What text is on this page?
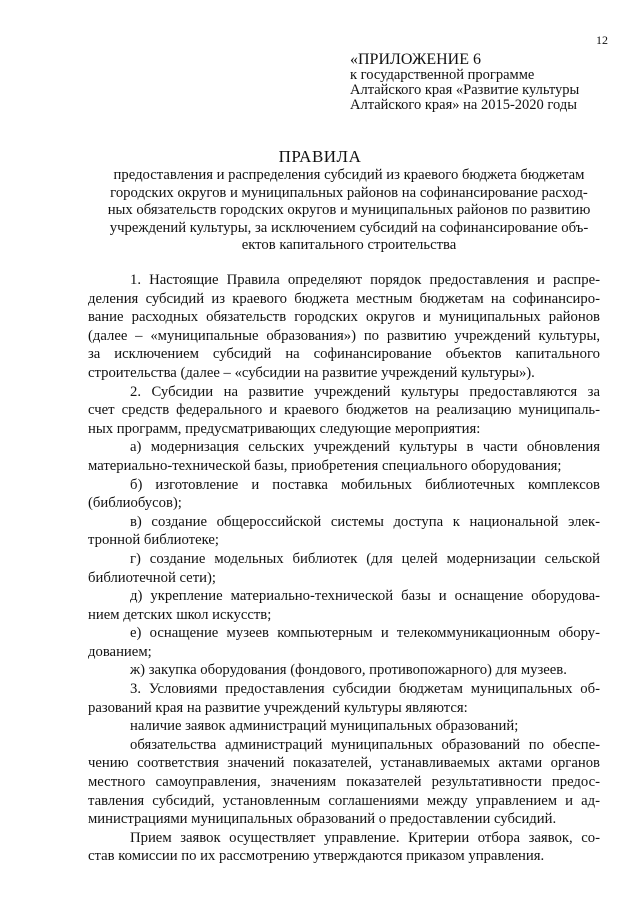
12
«ПРИЛОЖЕНИЕ 6
к государственной программе
Алтайского края «Развитие культуры
Алтайского края» на 2015-2020 годы
ПРАВИЛА
предоставления и распределения субсидий из краевого бюджета бюджетам
городских округов и муниципальных районов на софинансирование расход-
ных обязательств городских округов и муниципальных районов по развитию
учреждений культуры, за исключением субсидий на софинансирование объ-
ектов капитального строительства
1. Настоящие Правила определяют порядок предоставления и распре-
деления субсидий из краевого бюджета местным бюджетам на софинансиро-
вание расходных обязательств городских округов и муниципальных районов
(далее – «муниципальные образования») по развитию учреждений культуры,
за исключением субсидий на софинансирование объектов капитального
строительства (далее – «субсидии на развитие учреждений культуры»).
2. Субсидии на развитие учреждений культуры предоставляются за
счет средств федерального и краевого бюджетов на реализацию муниципаль-
ных программ, предусматривающих следующие мероприятия:
а) модернизация сельских учреждений культуры в части обновления
материально-технической базы, приобретения специального оборудования;
б) изготовление и поставка мобильных библиотечных комплексов
(библиобусов);
в) создание общероссийской системы доступа к национальной элек-
тронной библиотеке;
г) создание модельных библиотек (для целей модернизации сельской
библиотечной сети);
д) укрепление материально-технической базы и оснащение оборудова-
нием детских школ искусств;
е) оснащение музеев компьютерным и телекоммуникационным обору-
дованием;
ж) закупка оборудования (фондового, противопожарного) для музеев.
3. Условиями предоставления субсидии бюджетам муниципальных об-
разований края на развитие учреждений культуры являются:
наличие заявок администраций муниципальных образований;
обязательства администраций муниципальных образований по обеспе-
чению соответствия значений показателей, устанавливаемых актами органов
местного самоуправления, значениям показателей результативности предос-
тавления субсидий, установленным соглашениями между управлением и ад-
министрациями муниципальных образований о предоставлении субсидий.
Прием заявок осуществляет управление. Критерии отбора заявок, со-
став комиссии по их рассмотрению утверждаются приказом управления.
